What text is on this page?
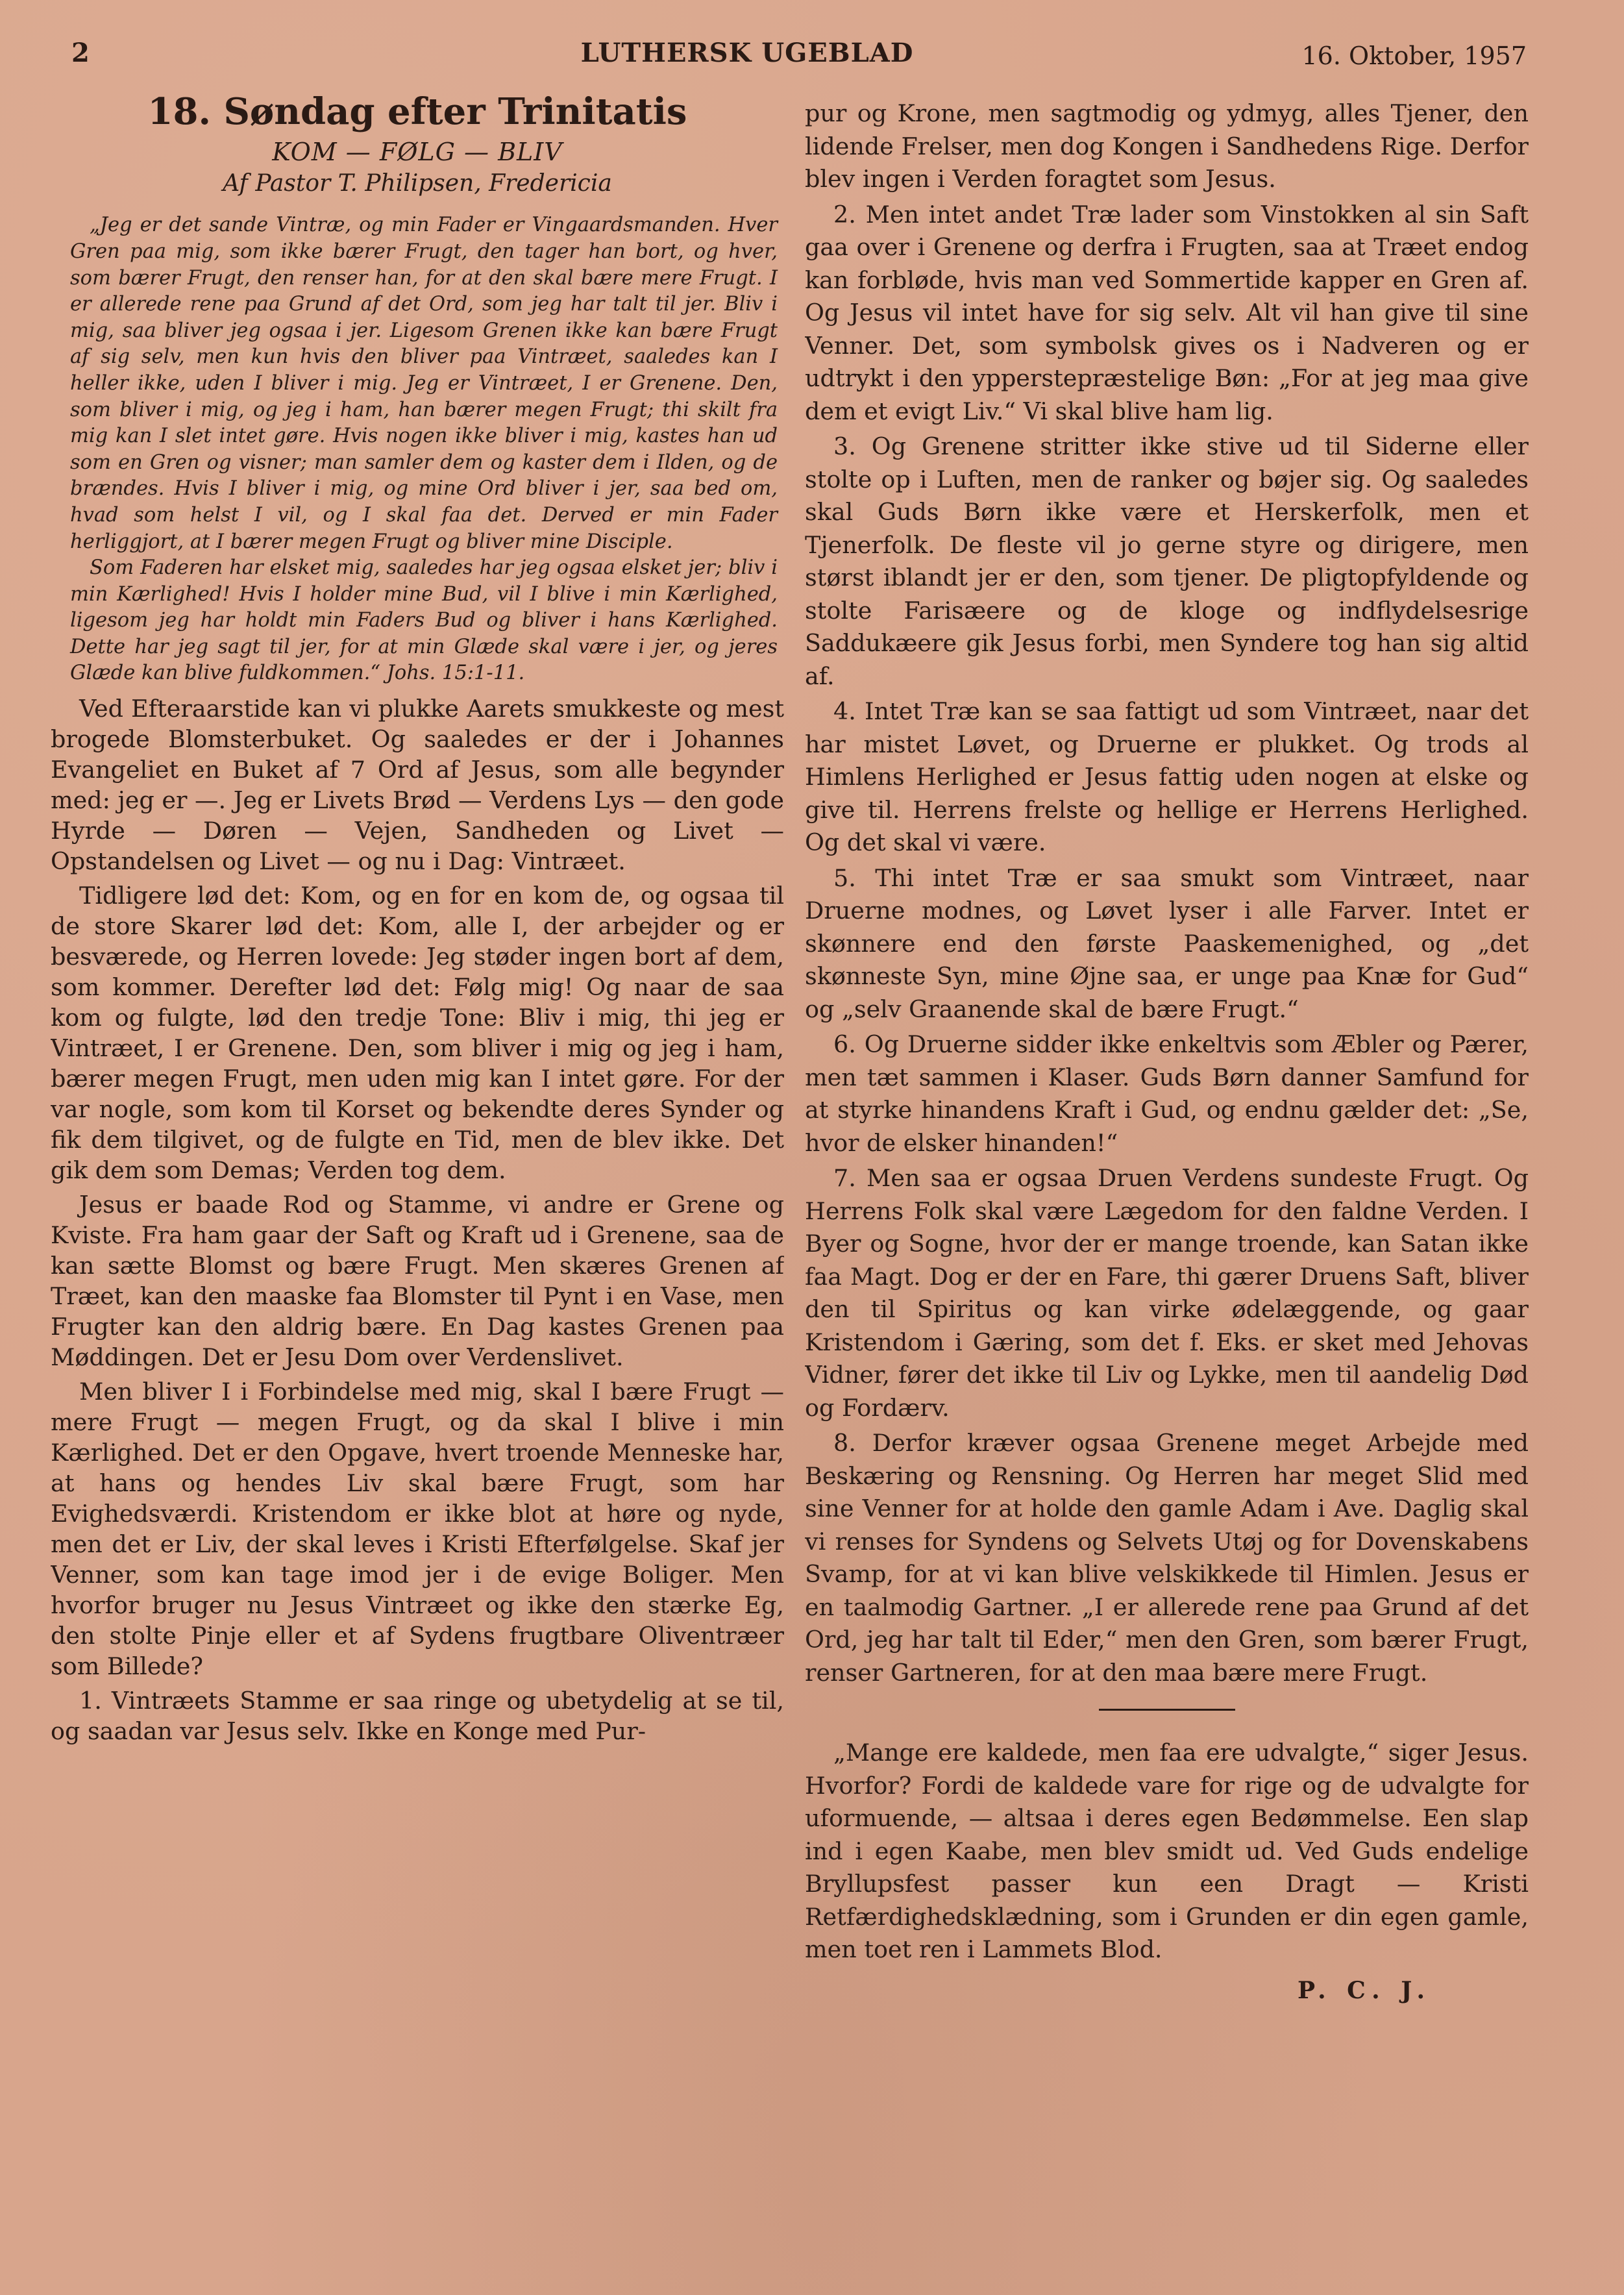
2	LUTHERSK UGEBLAD	16. Oktober, 1957
18. Søndag efter Trinitatis
KOM — FØLG — BLIV
Af Pastor T. Philipsen, Fredericia

„Jeg er det sande Vintræ, og min Fader er Vingaardsmanden. Hver Gren paa mig, som ikke bærer Frugt, den tager han bort, og hver, som bærer Frugt, den renser han, for at den skal bære mere Frugt. I er allerede rene paa Grund af det Ord, som jeg har talt til jer. Bliv i mig, saa bliver jeg ogsaa i jer. Ligesom Grenen ikke kan bære Frugt af sig selv, men kun hvis den bliver paa Vintræet, saaledes kan I heller ikke, uden I bliver i mig. Jeg er Vintræet, I er Grenene. Den, som bliver i mig, og jeg i ham, han bærer megen Frugt; thi skilt fra mig kan I slet intet gøre. Hvis nogen ikke bliver i mig, kastes han ud som en Gren og visner; man samler dem og kaster dem i Ilden, og de brændes. Hvis I bliver i mig, og mine Ord bliver i jer, saa bed om, hvad som helst I vil, og I skal faa det. Derved er min Fader herliggjort, at I bærer megen Frugt og bliver mine Disciple.

Som Faderen har elsket mig, saaledes har jeg ogsaa elsket jer; bliv i min Kærlighed! Hvis I holder mine Bud, vil I blive i min Kærlighed, ligesom jeg har holdt min Faders Bud og bliver i hans Kærlighed. Dette har jeg sagt til jer, for at min Glæde skal være i jer, og jeres Glæde kan blive fuldkommen.“ Johs. 15:1-11.

Ved Efteraarstide kan vi plukke Aarets smukkeste og mest brogede Blomsterbuket. Og saaledes er der i Johannes Evangeliet en Buket af 7 Ord af Jesus, som alle begynder med: jeg er —. Jeg er Livets Brød — Verdens Lys — den gode Hyrde — Døren — Vejen, Sandheden og Livet — Opstandelsen og Livet — og nu i Dag: Vintræet.

Tidligere lød det: Kom, og en for en kom de, og ogsaa til de store Skarer lød det: Kom, alle I, der arbejder og er besværede, og Herren lovede: Jeg støder ingen bort af dem, som kommer. Derefter lød det: Følg mig! Og naar de saa kom og fulgte, lød den tredje Tone: Bliv i mig, thi jeg er Vintræet, I er Grenene. Den, som bliver i mig og jeg i ham, bærer megen Frugt, men uden mig kan I intet gøre. For der var nogle, som kom til Korset og bekendte deres Synder og fik dem tilgivet, og de fulgte en Tid, men de blev ikke. Det gik dem som Demas; Verden tog dem.

Jesus er baade Rod og Stamme, vi andre er Grene og Kviste. Fra ham gaar der Saft og Kraft ud i Grenene, saa de kan sætte Blomst og bære Frugt. Men skæres Grenen af Træet, kan den maaske faa Blomster til Pynt i en Vase, men Frugter kan den aldrig bære. En Dag kastes Grenen paa Møddingen. Det er Jesu Dom over Verdenslivet.

Men bliver I i Forbindelse med mig, skal I bære Frugt — mere Frugt — megen Frugt, og da skal I blive i min Kærlighed. Det er den Opgave, hvert troende Menneske har, at hans og hendes Liv skal bære Frugt, som har Evighedsværdi. Kristendom er ikke blot at høre og nyde, men det er Liv, der skal leves i Kristi Efterfølgelse. Skaf jer Venner, som kan tage imod jer i de evige Boliger. Men hvorfor bruger nu Jesus Vintræet og ikke den stærke Eg, den stolte Pinje eller et af Sydens frugtbare Oliventræer som Billede?

1. Vintræets Stamme er saa ringe og ubetydelig at se til, og saadan var Jesus selv. Ikke en Konge med Pur-

pur og Krone, men sagtmodig og ydmyg, alles Tjener, den lidende Frelser, men dog Kongen i Sandhedens Rige. Derfor blev ingen i Verden foragtet som Jesus.

2. Men intet andet Træ lader som Vinstokken al sin Saft gaa over i Grenene og derfra i Frugten, saa at Træet endog kan forbløde, hvis man ved Sommertide kapper en Gren af. Og Jesus vil intet have for sig selv. Alt vil han give til sine Venner. Det, som symbolsk gives os i Nadveren og er udtrykt i den ypperstepræstelige Bøn: „For at jeg maa give dem et evigt Liv.“ Vi skal blive ham lig.

3. Og Grenene stritter ikke stive ud til Siderne eller stolte op i Luften, men de ranker og bøjer sig. Og saaledes skal Guds Børn ikke være et Herskerfolk, men et Tjenerfolk. De fleste vil jo gerne styre og dirigere, men størst iblandt jer er den, som tjener. De pligtopfyldende og stolte Farisæere og de kloge og indflydelsesrige Saddukæere gik Jesus forbi, men Syndere tog han sig altid af.

4. Intet Træ kan se saa fattigt ud som Vintræet, naar det har mistet Løvet, og Druerne er plukket. Og trods al Himlens Herlighed er Jesus fattig uden nogen at elske og give til. Herrens frelste og hellige er Herrens Herlighed. Og det skal vi være.

5. Thi intet Træ er saa smukt som Vintræet, naar Druerne modnes, og Løvet lyser i alle Farver. Intet er skønnere end den første Paaskemenighed, og „det skønneste Syn, mine Øjne saa, er unge paa Knæ for Gud“ og „selv Graanende skal de bære Frugt.“

6. Og Druerne sidder ikke enkeltvis som Æbler og Pærer, men tæt sammen i Klaser. Guds Børn danner Samfund for at styrke hinandens Kraft i Gud, og endnu gælder det: „Se, hvor de elsker hinanden!“

7. Men saa er ogsaa Druen Verdens sundeste Frugt. Og Herrens Folk skal være Lægedom for den faldne Verden. I Byer og Sogne, hvor der er mange troende, kan Satan ikke faa Magt. Dog er der en Fare, thi gærer Druens Saft, bliver den til Spiritus og kan virke ødelæggende, og gaar Kristendom i Gæring, som det f. Eks. er sket med Jehovas Vidner, fører det ikke til Liv og Lykke, men til aandelig Død og Fordærv.

8. Derfor kræver ogsaa Grenene meget Arbejde med Beskæring og Rensning. Og Herren har meget Slid med sine Venner for at holde den gamle Adam i Ave. Daglig skal vi renses for Syndens og Selvets Utøj og for Dovenskabens Svamp, for at vi kan blive velskikkede til Himlen. Jesus er en taalmodig Gartner. „I er allerede rene paa Grund af det Ord, jeg har talt til Eder,“ men den Gren, som bærer Frugt, renser Gartneren, for at den maa bære mere Frugt.

„Mange ere kaldede, men faa ere udvalgte,“ siger Jesus. Hvorfor? Fordi de kaldede vare for rige og de udvalgte for uformuende, — altsaa i deres egen Bedømmelse. Een slap ind i egen Kaabe, men blev smidt ud. Ved Guds endelige Bryllupsfest passer kun een Dragt — Kristi Retfærdighedsklædning, som i Grunden er din egen gamle, men toet ren i Lammets Blod.

P. C. J.
